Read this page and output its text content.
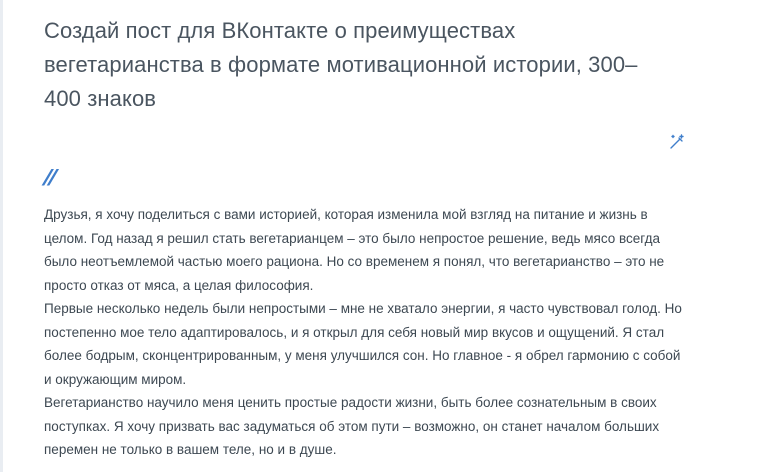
Создай пост для ВКонтакте о преимуществах вегетарианства в формате мотивационной истории, 300–400 знаков
//

Друзья, я хочу поделиться с вами историей, которая изменила мой взгляд на питание и жизнь в целом. Год назад я решил стать вегетарианцем – это было непростое решение, ведь мясо всегда было неотъемлемой частью моего рациона. Но со временем я понял, что вегетарианство – это не просто отказ от мяса, а целая философия.

Первые несколько недель были непростыми – мне не хватало энергии, я часто чувствовал голод. Но постепенно мое тело адаптировалось, и я открыл для себя новый мир вкусов и ощущений. Я стал более бодрым, сконцентрированным, у меня улучшился сон. Но главное - я обрел гармонию с собой и окружающим миром.

Вегетарианство научило меня ценить простые радости жизни, быть более сознательным в своих поступках. Я хочу призвать вас задуматься об этом пути – возможно, он станет началом больших перемен не только в вашем теле, но и в душе.
